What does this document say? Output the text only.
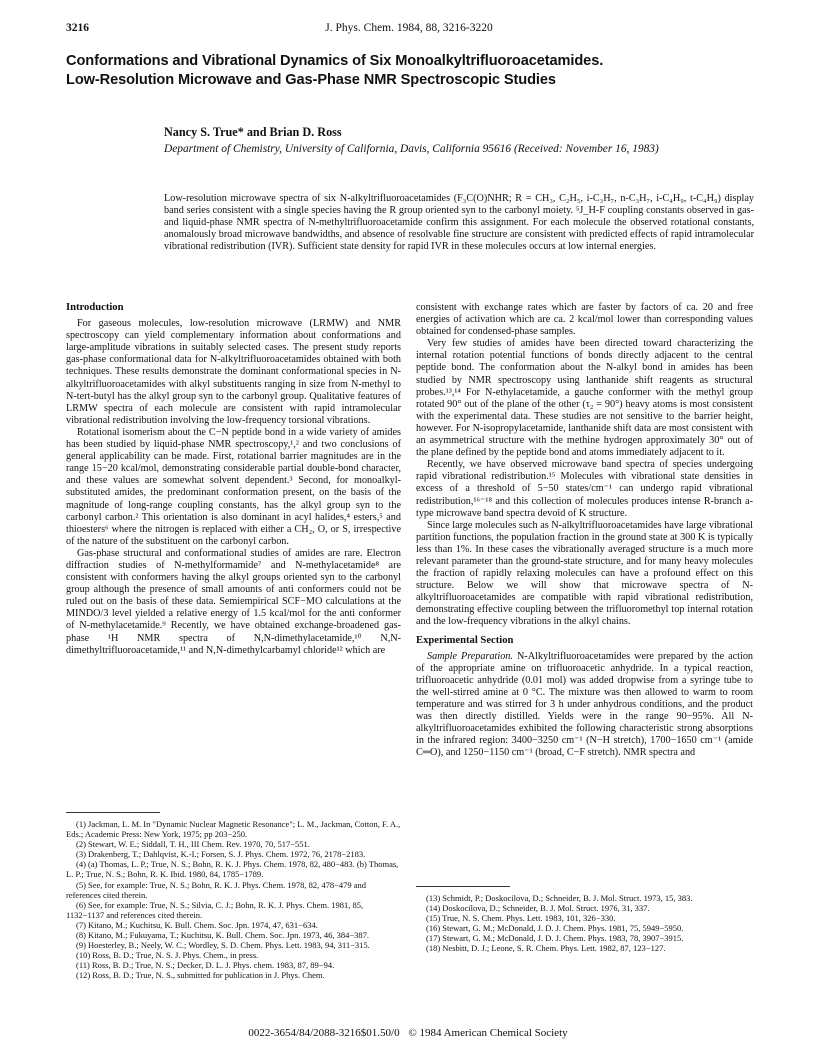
3216	J. Phys. Chem. 1984, 88, 3216-3220
Conformations and Vibrational Dynamics of Six Monoalkyltrifluoroacetamides.
Low-Resolution Microwave and Gas-Phase NMR Spectroscopic Studies
Nancy S. True* and Brian D. Ross
Department of Chemistry, University of California, Davis, California 95616 (Received: November 16, 1983)
Low-resolution microwave spectra of six N-alkyltrifluoroacetamides (F₃C(O)NHR; R = CH₃, C₂H₅, i-C₃H₇, n-C₃H₇, i-C₄H₉, t-C₄H₉) display band series consistent with a single species having the R group oriented syn to the carbonyl moiety. ⁵J_H-F coupling constants observed in gas- and liquid-phase NMR spectra of N-methyltrifluoroacetamide confirm this assignment. For each molecule the observed rotational constants, anomalously broad microwave bandwidths, and absence of resolvable fine structure are consistent with predicted effects of rapid intramolecular vibrational redistribution (IVR). Sufficient state density for rapid IVR in these molecules occurs at low internal energies.
Introduction

For gaseous molecules, low-resolution microwave (LRMW) and NMR spectroscopy can yield complementary information about conformations and large-amplitude vibrations in suitably selected cases. The present study reports gas-phase conformational data for N-alkyltrifluoroacetamides obtained with both techniques. These results demonstrate the dominant conformational species in N-alkyltrifluoroacetamides with alkyl substituents ranging in size from N-methyl to N-tert-butyl has the alkyl group syn to the carbonyl group. Qualitative features of LRMW spectra of each molecule are consistent with rapid intramolecular vibrational redistribution involving the low-frequency torsional vibrations.

Rotational isomerism about the C−N peptide bond in a wide variety of amides has been studied by liquid-phase NMR spectroscopy,¹,² and two conclusions of general applicability can be made. First, rotational barrier magnitudes are in the range 15−20 kcal/mol, demonstrating considerable partial double-bond character, and these values are somewhat solvent dependent.³ Second, for monoalkyl-substituted amides, the predominant conformation present, on the basis of the magnitude of long-range coupling constants, has the alkyl group syn to the carbonyl carbon.² This orientation is also dominant in acyl halides,⁴ esters,⁵ and thioesters⁶ where the nitrogen is replaced with either a CH₂, O, or S, irrespective of the nature of the substituent on the carbonyl carbon.

Gas-phase structural and conformational studies of amides are rare. Electron diffraction studies of N-methylformamide⁷ and N-methylacetamide⁸ are consistent with conformers having the alkyl groups oriented syn to the carbonyl group although the presence of small amounts of anti conformers could not be ruled out on the basis of these data. Semiempirical SCF−MO calculations at the MINDO/3 level yielded a relative energy of 1.5 kcal/mol for the anti conformer of N-methylacetamide.⁹ Recently, we have obtained exchange-broadened gas-phase ¹H NMR spectra of N,N-dimethylacetamide,¹⁰ N,N-dimethyltrifluoroacetamide,¹¹ and N,N-dimethylcarbamyl chloride¹² which are

consistent with exchange rates which are faster by factors of ca. 20 and free energies of activation which are ca. 2 kcal/mol lower than corresponding values obtained for condensed-phase samples.

Very few studies of amides have been directed toward characterizing the internal rotation potential functions of bonds directly adjacent to the central peptide bond. The conformation about the N-alkyl bond in amides has been studied by NMR spectroscopy using lanthanide shift reagents as structural probes.¹³,¹⁴ For N-ethylacetamide, a gauche conformer with the methyl group rotated 90° out of the plane of the other (τ₂ = 90°) heavy atoms is most consistent with the experimental data. These studies are not sensitive to the barrier height, however. For N-isopropylacetamide, lanthanide shift data are most consistent with an asymmetrical structure with the methine hydrogen approximately 30° out of the plane defined by the peptide bond and atoms immediately adjacent to it.

Recently, we have observed microwave band spectra of species undergoing rapid vibrational redistribution.¹⁵ Molecules with vibrational state densities in excess of a threshold of 5−50 states/cm⁻¹ can undergo rapid vibrational redistribution,¹⁶⁻¹⁸ and this collection of molecules produces intense R-branch a-type microwave band spectra devoid of K structure.

Since large molecules such as N-alkyltrifluoroacetamides have large vibrational partition functions, the population fraction in the ground state at 300 K is typically less than 1%. In these cases the vibrationally averaged structure is a much more relevant parameter than the ground-state structure, and for many heavy molecules the fraction of rapidly relaxing molecules can have a profound effect on this structure. Below we will show that microwave spectra of N-alkyltrifluoroacetamides are compatible with rapid vibrational redistribution, demonstrating effective coupling between the trifluoromethyl top internal rotation and the low-frequency vibrations in the alkyl chains.

Experimental Section

Sample Preparation. N-Alkyltrifluoroacetamides were prepared by the action of the appropriate amine on trifluoroacetic anhydride. In a typical reaction, trifluoroacetic anhydride (0.01 mol) was added dropwise from a syringe tube to the well-stirred amine at 0 °C. The mixture was then allowed to warm to room temperature and was stirred for 3 h under anhydrous conditions, and the product was then directly distilled. Yields were in the range 90−95%. All N-alkyltrifluoroacetamides exhibited the following characteristic strong absorptions in the infrared region: 3400−3250 cm⁻¹ (N−H stretch), 1700−1650 cm⁻¹ (amide C═O), and 1250−1150 cm⁻¹ (broad, C−F stretch). NMR spectra and

(1) Jackman, L. M. In "Dynamic Nuclear Magnetic Resonance"; L. M., Jackman, Cotton, F. A., Eds.; Academic Press: New York, 1975; pp 203−250.
(2) Stewart, W. E.; Siddall, T. H., III Chem. Rev. 1970, 70, 517−551.
(3) Drakenberg, T.; Dahlqvist, K.-I.; Forsen, S. J. Phys. Chem. 1972, 76, 2178−2183.
(4) (a) Thomas, L. P.; True, N. S.; Bohn, R. K. J. Phys. Chem. 1978, 82, 480−483. (b) Thomas, L. P.; True, N. S.; Bohn, R. K. Ibid. 1980, 84, 1785−1789.
(5) See, for example: True, N. S.; Bohn, R. K. J. Phys. Chem. 1978, 82, 478−479 and references cited therein.
(6) See, for example: True, N. S.; Silvia, C. J.; Bohn, R. K. J. Phys. Chem. 1981, 85, 1132−1137 and references cited therein.
(7) Kitano, M.; Kuchitsu, K. Bull. Chem. Soc. Jpn. 1974, 47, 631−634.
(8) Kitano, M.; Fukuyama, T.; Kuchitsu, K. Bull. Chem. Soc. Jpn. 1973, 46, 384−387.
(9) Hoesterley, B.; Neely, W. C.; Wordley, S. D. Chem. Phys. Lett. 1983, 94, 311−315.
(10) Ross, B. D.; True, N. S. J. Phys. Chem., in press.
(11) Ross, B. D.; True, N. S.; Decker, D. L. J. Phys. chem. 1983, 87, 89−94.
(12) Ross, B. D.; True, N. S., submitted for publication in J. Phys. Chem.
(13) Schmidt, P.; Doskocilova, D.; Schneider, B. J. Mol. Struct. 1973, 15, 383.
(14) Doskocilova, D.; Schneider, B. J. Mol. Struct. 1976, 31, 337.
(15) True, N. S. Chem. Phys. Lett. 1983, 101, 326−330.
(16) Stewart, G. M.; McDonald, J. D. J. Chem. Phys. 1981, 75, 5949−5950.
(17) Stewart, G. M.; McDonald, J. D. J. Chem. Phys. 1983, 78, 3907−3915.
(18) Nesbitt, D. J.; Leone, S. R. Chem. Phys. Lett. 1982, 87, 123−127.
0022-3654/84/2088-3216$01.50/0 © 1984 American Chemical Society
